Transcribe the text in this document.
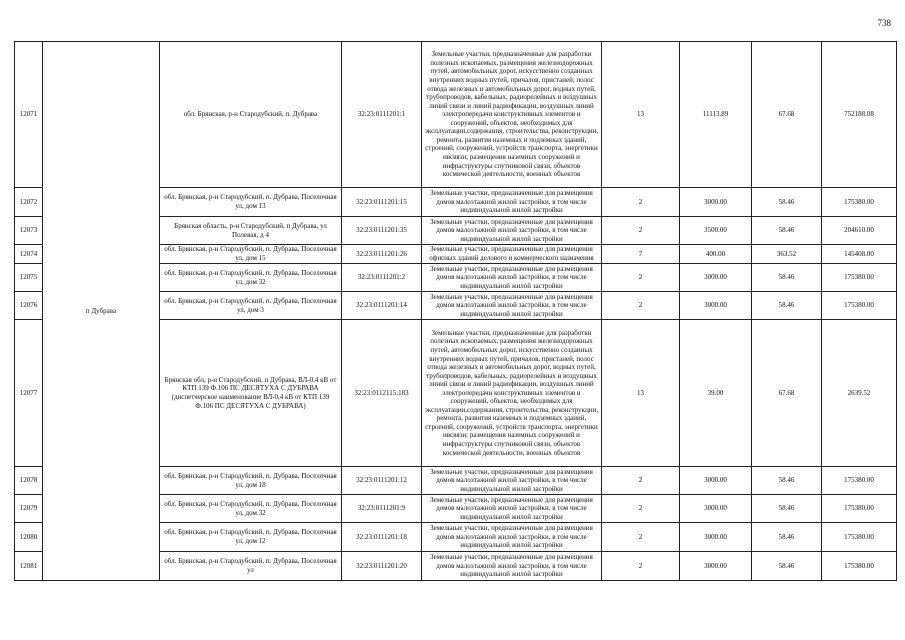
738
12071	п Дубрава	обл. Брянская, р-н Стародубский, п. Дубрава	32:23:0111201:1	Земельные участки, предназначенные для разработки полезных ископаемых, размещения железнодорожных путей, автомобильных дорог, искусственно созданных внутренних водных путей, причалов, пристаней, полос отвода железных и автомобильных дорог, водных путей, трубопроводов, кабельных, радиорелейных и воздушных линий связи и линий радиофикации, воздушных линий электропередачи конструктивных элементов и сооружений, объектов, необходимых для эксплуатации,содержания, строительства, реконструкции, ремонта, развития наземных и подземных зданий, строений, сооружений, устройств транспорта, энергетики ивсвязи; размещения наземных сооружений и инфраструктуры спутниковой связи, объектов космической деятельности, военных объектов	13	11113.89	67.68	752188.08
12072		обл. Брянская, р-н Стародубский, п. Дубрава, Поселочная ул, дом 13	32:23:0111201:15	Земельные участки, предназначенные для размещения домов малоэтажной жилой застройки, в том числе индивидуальной жилой застройки	2	3000.00	58.46	175380.00
12073		Брянская область, р-н Стародубский, п Дубрава, ул Полевая, д 4	32:23:0111201:35	Земельные участки, предназначенные для размещения домов малоэтажной жилой застройки, в том числе индивидуальной жилой застройки	2	3500.00	58.46	204610.00
12074		обл. Брянская, р-н Стародубский, п. Дубрава, Поселочная ул, дом 15	32:23:0111201:26	Земельные участки, предназначенные для размещения офисных зданий делового и коммерческого назначения	7	400.00	363.52	145408.00
12075		обл. Брянская, р-н Стародубский, п. Дубрава, Поселочная ул, дом 32	32:23:0111201:2	Земельные участки, предназначенные для размещения домов малоэтажной жилой застройки, в том числе индивидуальной жилой застройки	2	3000.00	58.46	175380.00
12076		обл. Брянская, р-н Стародубский, п. Дубрава, Поселочная ул, дом 3	32:23:0111201:14	Земельные участки, предназначенные для размещения домов малоэтажной жилой застройки, в том числе индивидуальной жилой застройки	2	3000.00	58.46	175380.00
12077		Брянская обл, р-н Стародубский, п Дубрава, ВЛ-0,4 кВ от КТП 139 Ф.106 ПС ДЕСЯТУХА С ДУБРАВА (диспетчерское наименование ВЛ-0,4 кВ от КТП 139 Ф.106 ПС ДЕСЯТУХА С ДУБРАВА)	32:23:0112115:183	Земельные участки, предназначенные для разработки полезных ископаемых, размещения железнодорожных путей, автомобильных дорог, искусственно созданных внутренних водных путей, причалов, пристаней, полос отвода железных и автомобильных дорог, водных путей, трубопроводов, кабельных, радиорелейных и воздушных линий связи и линий радиофикации, воздушных линий электропередачи конструктивных элементов и сооружений, объектов, необходимых для эксплуатации,содержания, строительства, реконструкции, ремонта, развития наземных и подземных зданий, строений, сооружений, устройств транспорта, энергетики ивсвязи; размещения наземных сооружений и инфраструктуры спутниковой связи, объектов космической деятельности, военных объектов	13	39.00	67.68	2639.52
12078		обл. Брянская, р-н Стародубский, п. Дубрава, Поселочная ул, дом 18	32:23:0111201:12	Земельные участки, предназначенные для размещения домов малоэтажной жилой застройки, в том числе индивидуальной жилой застройки	2	3000.00	58.46	175380.00
12079		обл. Брянская, р-н Стародубский, п. Дубрава, Поселочная ул, дом 32	32:23:0111201:9	Земельные участки, предназначенные для размещения домов малоэтажной жилой застройки, в том числе индивидуальной жилой застройки	2	3000.00	58.46	175380.00
12080		обл. Брянская, р-н Стародубский, п. Дубрава, Поселочная ул, дом 12	32:23:0111201:18	Земельные участки, предназначенные для размещения домов малоэтажной жилой застройки, в том числе индивидуальной жилой застройки	2	3000.00	58.46	175380.00
12081		обл. Брянская, р-н Стародубский, п. Дубрава, Поселочная ул	32:23:0111201:20	Земельные участки, предназначенные для размещения домов малоэтажной жилой застройки, в том числе индивидуальной жилой застройки	2	3000.00	58.46	175380.00
